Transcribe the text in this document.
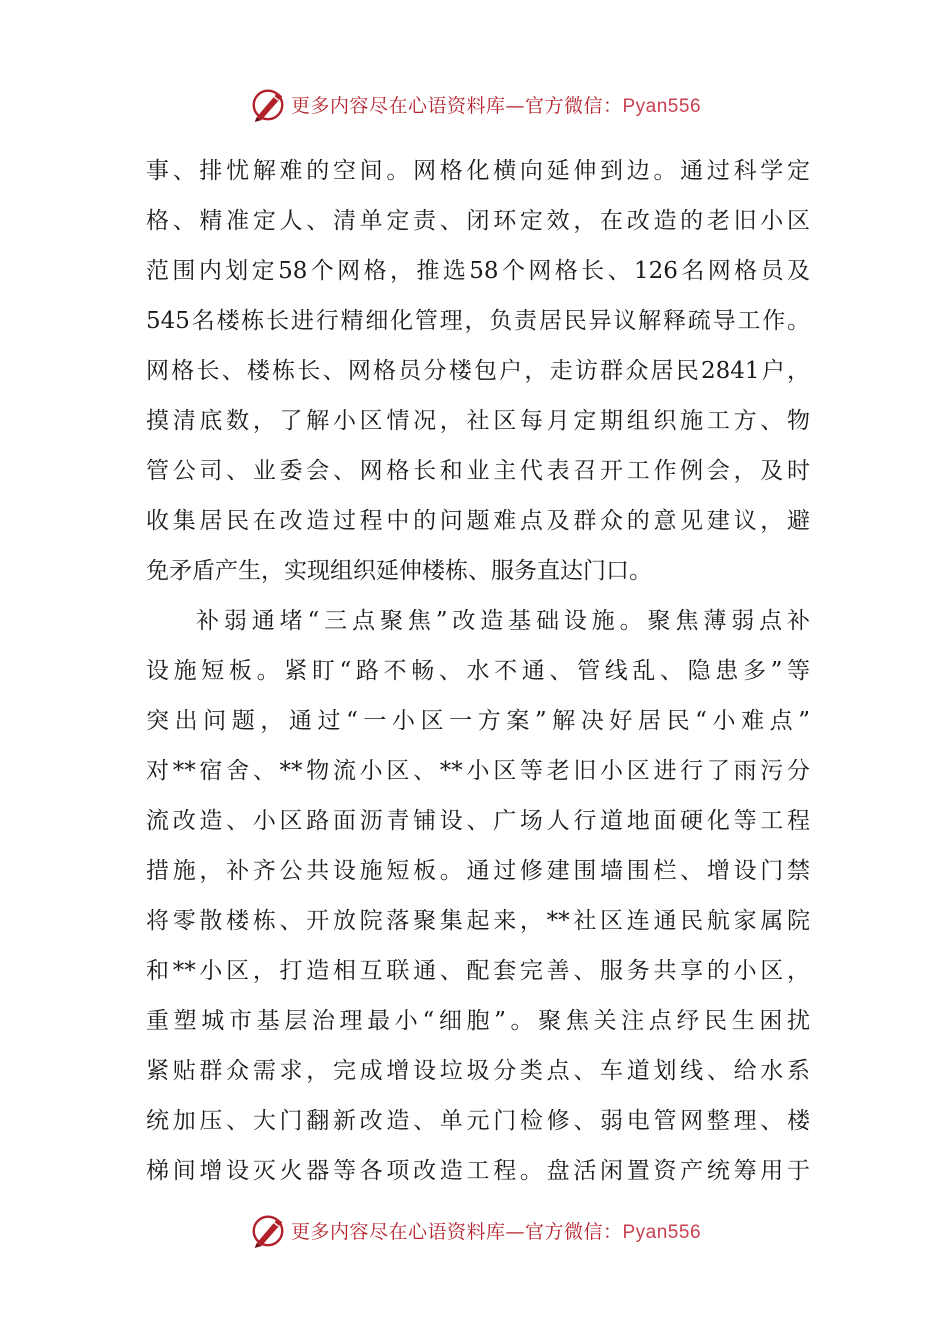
更多内容尽在心语资料库—官方微信：Pyan556
事、排忧解难的空间。网格化横向延伸到边。通过科学定
格、精准定人、清单定责、闭环定效，在改造的老旧小区
范围内划定58个网格，推选58个网格长、126名网格员及
545名楼栋长进行精细化管理，负责居民异议解释疏导工作。
网格长、楼栋长、网格员分楼包户，走访群众居民2841户，
摸清底数，了解小区情况，社区每月定期组织施工方、物
管公司、业委会、网格长和业主代表召开工作例会，及时
收集居民在改造过程中的问题难点及群众的意见建议，避
免矛盾产生，实现组织延伸楼栋、服务直达门口。
补弱通堵“三点聚焦”改造基础设施。聚焦薄弱点补
设施短板。紧盯“路不畅、水不通、管线乱、隐患多”等
突出问题，通过“一小区一方案”解决好居民“小难点”
对**宿舍、**物流小区、**小区等老旧小区进行了雨污分
流改造、小区路面沥青铺设、广场人行道地面硬化等工程
措施，补齐公共设施短板。通过修建围墙围栏、增设门禁
将零散楼栋、开放院落聚集起来，**社区连通民航家属院
和**小区，打造相互联通、配套完善、服务共享的小区，
重塑城市基层治理最小“细胞”。聚焦关注点纾民生困扰
紧贴群众需求，完成增设垃圾分类点、车道划线、给水系
统加压、大门翻新改造、单元门检修、弱电管网整理、楼
梯间增设灭火器等各项改造工程。盘活闲置资产统筹用于
更多内容尽在心语资料库—官方微信：Pyan556
